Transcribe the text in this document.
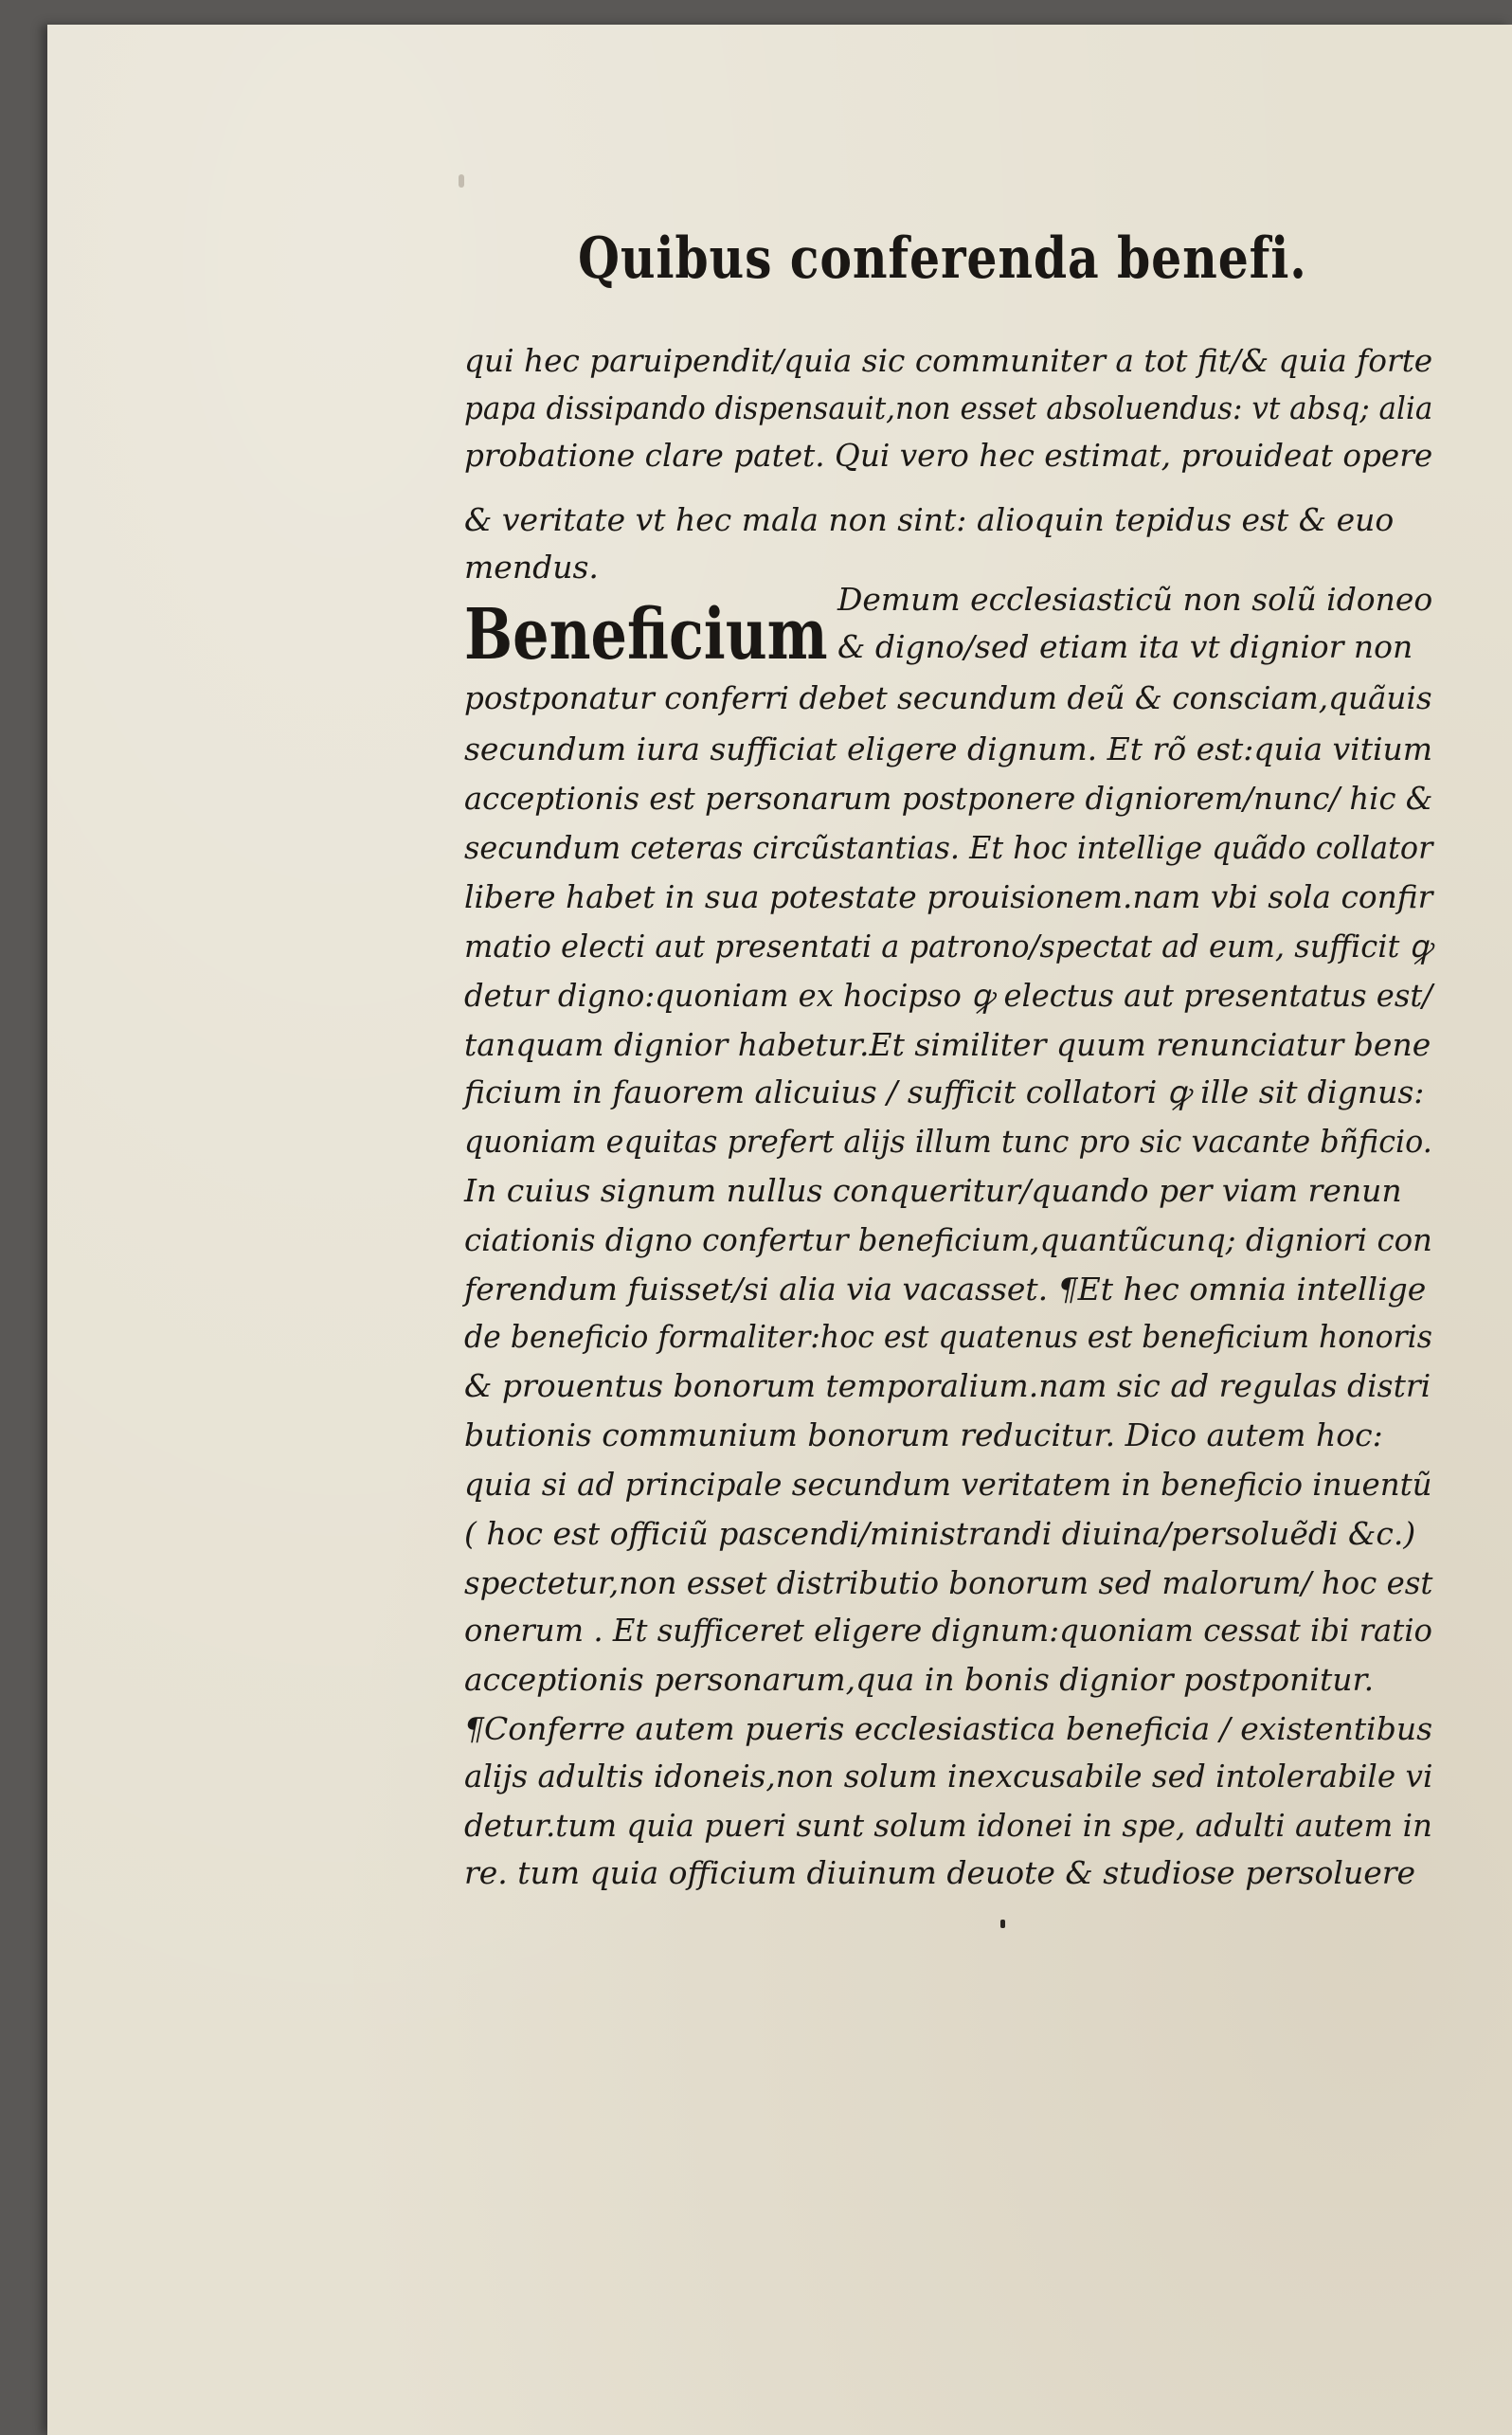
Quibus conferenda benefi.
Beneficium
qui hec paruipendit/quia sic communiter a tot fit/& quia forte
papa dissipando dispensauit,non esset absoluendus: vt absq; alia
probatione clare patet. Qui vero hec estimat, prouideat opere
& veritate vt hec mala non sint: alioquin tepidus est & euo
mendus.
Demum ecclesiasticũ non solũ idoneo
& digno/sed etiam ita vt dignior non
postponatur conferri debet secundum deũ & consciam,quãuis
secundum iura sufficiat eligere dignum. Et rõ est:quia vitium
acceptionis est personarum postponere digniorem/nunc/ hic &
secundum ceteras circũstantias. Et hoc intellige quãdo collator
libere habet in sua potestate prouisionem.nam vbi sola confir
matio electi aut presentati a patrono/spectat ad eum, sufficit ꝙ
detur digno:quoniam ex hocipso ꝙ electus aut presentatus est/
tanquam dignior habetur.Et similiter quum renunciatur bene
ficium in fauorem alicuius / sufficit collatori ꝙ ille sit dignus:
quoniam equitas prefert alijs illum tunc pro sic vacante bñficio.
In cuius signum nullus conqueritur/quando per viam renun
ciationis digno confertur beneficium,quantũcunq; digniori con
ferendum fuisset/si alia via vacasset. ¶Et hec omnia intellige
de beneficio formaliter:hoc est quatenus est beneficium honoris
& prouentus bonorum temporalium.nam sic ad regulas distri
butionis communium bonorum reducitur. Dico autem hoc:
quia si ad principale secundum veritatem in beneficio inuentũ
( hoc est officiũ pascendi/ministrandi diuina/persoluẽdi &c.)
spectetur,non esset distributio bonorum sed malorum/ hoc est
onerum . Et sufficeret eligere dignum:quoniam cessat ibi ratio
acceptionis personarum,qua in bonis dignior postponitur.
¶Conferre autem pueris ecclesiastica beneficia / existentibus
alijs adultis idoneis,non solum inexcusabile sed intolerabile vi
detur.tum quia pueri sunt solum idonei in spe, adulti autem in
re. tum quia officium diuinum deuote & studiose persoluere
